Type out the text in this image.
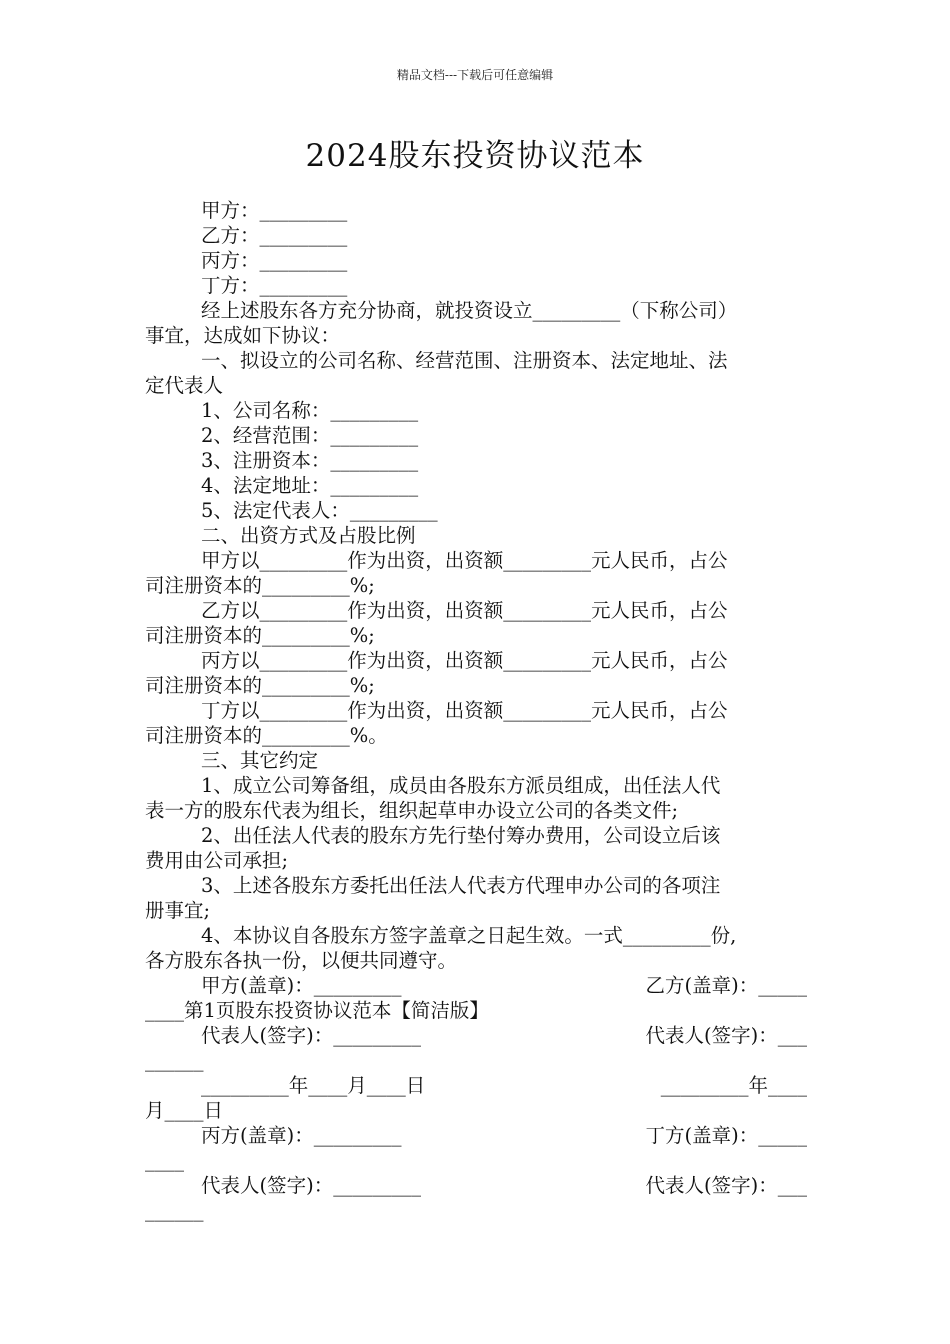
精品文档---下载后可任意编辑
2024股东投资协议范本
甲方：_________
乙方：_________
丙方：_________
丁方：_________
经上述股东各方充分协商，就投资设立_________（下称公司）
事宜，达成如下协议：
一、拟设立的公司名称、经营范围、注册资本、法定地址、法
定代表人
1、公司名称：_________
2、经营范围：_________
3、注册资本：_________
4、法定地址：_________
5、法定代表人：_________
二、出资方式及占股比例
甲方以_________作为出资，出资额_________元人民币，占公
司注册资本的_________%;
乙方以_________作为出资，出资额_________元人民币，占公
司注册资本的_________%;
丙方以_________作为出资，出资额_________元人民币，占公
司注册资本的_________%;
丁方以_________作为出资，出资额_________元人民币，占公
司注册资本的_________%。
三、其它约定
1、成立公司筹备组，成员由各股东方派员组成，出任法人代
表一方的股东代表为组长，组织起草申办设立公司的各类文件;
2、出任法人代表的股东方先行垫付筹办费用，公司设立后该
费用由公司承担;
3、上述各股东方委托出任法人代表方代理申办公司的各项注
册事宜;
4、本协议自各股东方签字盖章之日起生效。一式_________份,
各方股东各执一份，以便共同遵守。
甲方(盖章)：_________	乙方(盖章)：_____
____第1页股东投资协议范本【简洁版】
代表人(签字)：_________	代表人(签字)：___
______
_________年____月____日	_________年____
月____日
丙方(盖章)：_________	丁方(盖章)：_____
____
代表人(签字)：_________	代表人(签字)：___
______
